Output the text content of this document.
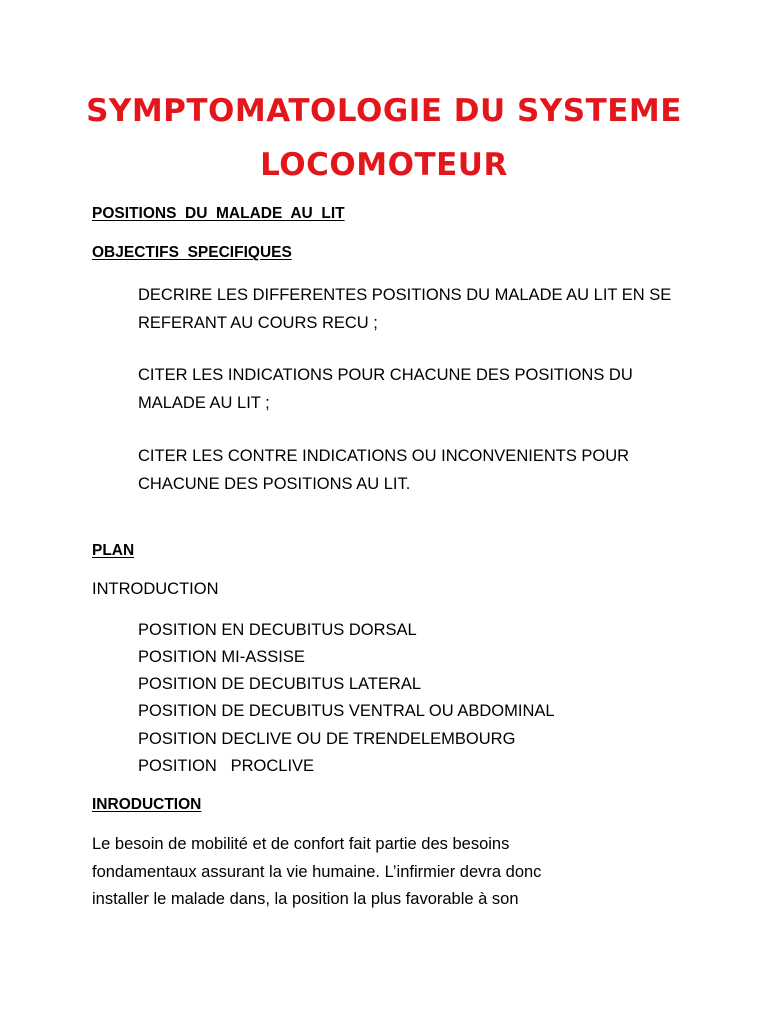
SYMPTOMATOLOGIE DU SYSTEME
LOCOMOTEUR
POSITIONS  DU  MALADE  AU  LIT
OBJECTIFS  SPECIFIQUES

DECRIRE LES DIFFERENTES POSITIONS DU MALADE AU LIT EN SE

REFERANT AU COURS RECU ;

CITER LES INDICATIONS POUR CHACUNE DES POSITIONS DU

MALADE AU LIT ;

CITER LES CONTRE INDICATIONS OU INCONVENIENTS POUR

CHACUNE DES POSITIONS AU LIT.

PLAN

INTRODUCTION

POSITION EN DECUBITUS DORSAL

POSITION MI-ASSISE

POSITION DE DECUBITUS LATERAL

POSITION DE DECUBITUS VENTRAL OU ABDOMINAL

POSITION DECLIVE OU DE TRENDELEMBOURG

POSITION   PROCLIVE

INRODUCTION

Le besoin de mobilité et de confort fait partie des besoins

fondamentaux assurant la vie humaine. L’infirmier devra donc

installer le malade dans, la position la plus favorable à son
